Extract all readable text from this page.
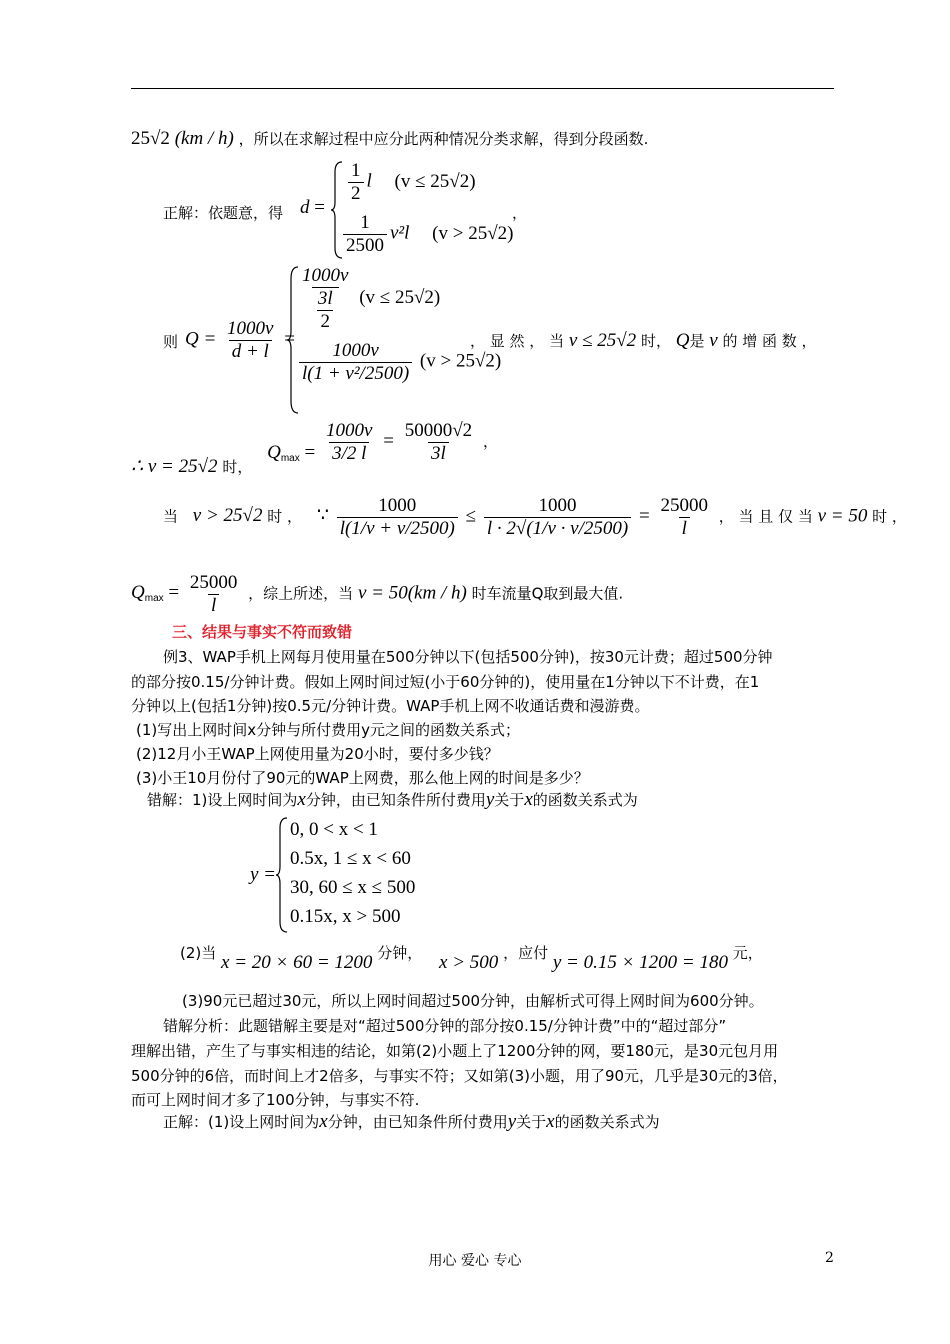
25√2 (km / h) ，所以在求解过程中应分此两种情况分类求解，得到分段函数.
正解：依题意，得 d =
$\frac{1}{2}$ l (v ≤ 25√2)
$\frac{1}{2500} v^2l$ (v > 25√2)
，
则 $Q = \frac{1000v}{d + l}$ =
$\frac{1000v}{\frac{3l}{2}} (v \le 25√2)$
$\frac{1000v}{\text{l(1 + v²/2500)}} (v > 25√2)$
， 显 然 ， 当 v ≤ 25√2 时， Q是 v 的 增 函 数 ，
∴ v = 25√2 时， $Q_{max} = \frac{1000v}{3/2 l} = \frac{50000√2}{3l}$ ，
当 v > 25√2 时 ， ∵ $\frac{1000}{l(1/v + v/2500)} \le \frac{1000}{l \cdot 2√(1/v \cdot v/2500)} = \frac{25000}{l}$ ， 当 且 仅 当 v = 50 时 ，
$Q_{max} = \frac{25000}{l}$ ，综上所述，当 v = 50(km / h) 时车流量Q取到最大值.
三、结果与事实不符而致错
例3、WAP手机上网每月使用量在500分钟以下(包括500分钟)，按30元计费；超过500分钟
的部分按0.15/分钟计费。假如上网时间过短(小于60分钟的)，使用量在1分钟以下不计费，在1
分钟以上(包括1分钟)按0.5元/分钟计费。WAP手机上网不收通话费和漫游费。
(1)写出上网时间x分钟与所付费用y元之间的函数关系式；
(2)12月小王WAP上网使用量为20小时，要付多少钱？
(3)小王10月份付了90元的WAP上网费，那么他上网的时间是多少？
错解：1)设上网时间为x分钟，由已知条件所付费用y关于x的函数关系式为
y =
0, 0 < x < 1
0.5x, 1 ≤ x < 60
30, 60 ≤ x ≤ 500
0.15x, x > 500
(2)当 x = 20 × 60 = 1200 分钟， x > 500 ，应付 y = 0.15 × 1200 = 180 元，
(3)90元已超过30元，所以上网时间超过500分钟，由解析式可得上网时间为600分钟。
错解分析：此题错解主要是对“超过500分钟的部分按0.15/分钟计费”中的“超过部分”
理解出错，产生了与事实相违的结论，如第(2)小题上了1200分钟的网，要180元，是30元包月用
500分钟的6倍，而时间上才2倍多，与事实不符；又如第(3)小题，用了90元，几乎是30元的3倍，
而可上网时间才多了100分钟，与事实不符.
正解：(1)设上网时间为x分钟，由已知条件所付费用y关于x的函数关系式为
用心 爱心 专心	2
